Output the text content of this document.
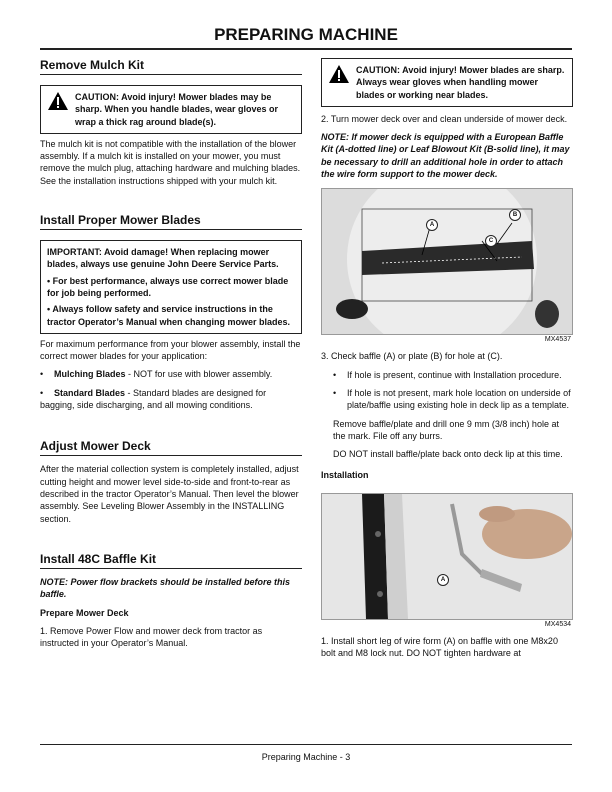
PREPARING MACHINE
Remove Mulch Kit
CAUTION: Avoid injury! Mower blades may be sharp. When you handle blades, wear gloves or wrap a thick rag around blade(s).

The mulch kit is not compatible with the installation of the blower assembly. If a mulch kit is installed on your mower, you must remove the mulch plug, attaching hardware and mulching blades. See the installation instructions shipped with your mulch kit.

Install Proper Mower Blades

IMPORTANT: Avoid damage! When replacing mower blades, always use genuine John Deere Service Parts.

• For best performance, always use correct mower blade for job being performed.

• Always follow safety and service instructions in the tractor Operator’s Manual when changing mower blades.

For maximum performance from your blower assembly, install the correct mower blades for your application:

•	Mulching Blades - NOT for use with blower assembly.

• Standard Blades - Standard blades are designed for bagging, side discharging, and all mowing conditions.

Adjust Mower Deck

After the material collection system is completely installed, adjust cutting height and mower level side-to-side and front-to-rear as described in the tractor Operator’s Manual. Then level the blower assembly. See Leveling Blower Assembly in the INSTALLING section.

Install 48C Baffle Kit

NOTE: Power flow brackets should be installed before this baffle.

Prepare Mower Deck

1. Remove Power Flow and mower deck from tractor as instructed in your Operator’s Manual.

CAUTION: Avoid injury! Mower blades are sharp. Always wear gloves when handling mower blades or working near blades.

2. Turn mower deck over and clean underside of mower deck.

NOTE: If mower deck is equipped with a European Baffle Kit (A-dotted line) or Leaf Blowout Kit (B-solid line), it may be necessary to drill an additional hole in order to attach the wire form support to the mower deck.

A
C
B
MX4537

3. Check baffle (A) or plate (B) for hole at (C).

•	If hole is present, continue with Installation procedure.
•	If hole is not present, mark hole location on underside of plate/baffle using existing hole in deck lip as a template.

Remove baffle/plate and drill one 9 mm (3/8 inch) hole at the mark. File off any burrs.

DO NOT install baffle/plate back onto deck lip at this time.

Installation

A
MX4534

1. Install short leg of wire form (A) on baffle with one M8x20 bolt and M8 lock nut. DO NOT tighten hardware at

Preparing Machine - 3
